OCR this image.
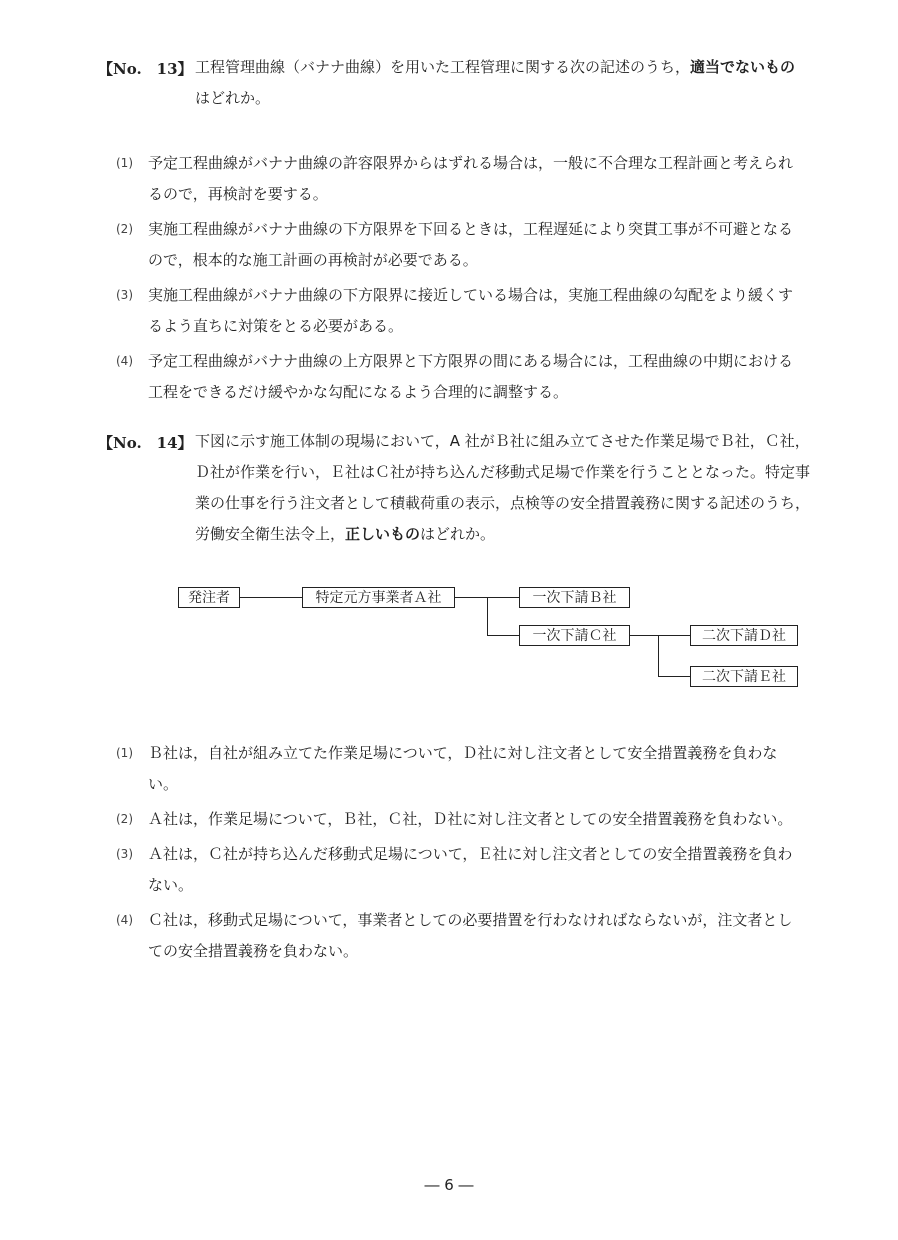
【No.　13】 工程管理曲線（バナナ曲線）を用いた工程管理に関する次の記述のうち，適当でないものはどれか。
(1) 予定工程曲線がバナナ曲線の許容限界からはずれる場合は，一般に不合理な工程計画と考えられるので，再検討を要する。
(2) 実施工程曲線がバナナ曲線の下方限界を下回るときは，工程遅延により突貫工事が不可避となるので，根本的な施工計画の再検討が必要である。
(3) 実施工程曲線がバナナ曲線の下方限界に接近している場合は，実施工程曲線の勾配をより緩くするよう直ちに対策をとる必要がある。
(4) 予定工程曲線がバナナ曲線の上方限界と下方限界の間にある場合には，工程曲線の中期における工程をできるだけ緩やかな勾配になるよう合理的に調整する。
【No.　14】 下図に示す施工体制の現場において，A 社がＢ社に組み立てさせた作業足場でＢ社，Ｃ社，Ｄ社が作業を行い，Ｅ社はＣ社が持ち込んだ移動式足場で作業を行うこととなった。特定事業の仕事を行う注文者として積載荷重の表示，点検等の安全措置義務に関する記述のうち，労働安全衛生法令上，正しいものはどれか。
発注者	特定元方事業者Ａ社	一次下請Ｂ社
一次下請Ｃ社	二次下請Ｄ社
二次下請Ｅ社
(1) Ｂ社は，自社が組み立てた作業足場について，Ｄ社に対し注文者として安全措置義務を負わない。
(2) Ａ社は，作業足場について，Ｂ社，Ｃ社，Ｄ社に対し注文者としての安全措置義務を負わない。
(3) Ａ社は，Ｃ社が持ち込んだ移動式足場について，Ｅ社に対し注文者としての安全措置義務を負わない。
(4) Ｃ社は，移動式足場について，事業者としての必要措置を行わなければならないが，注文者としての安全措置義務を負わない。
― 6 ―
